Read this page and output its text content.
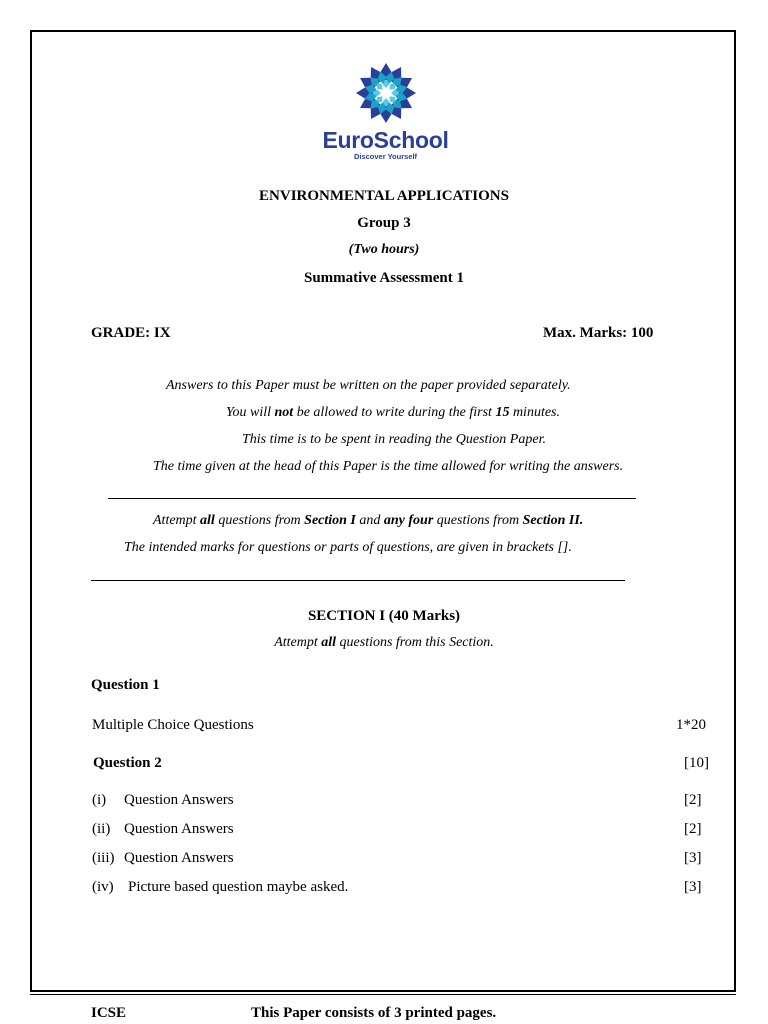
EuroSchool
Discover Yourself
ENVIRONMENTAL APPLICATIONS
Group 3
(Two hours)
Summative Assessment 1
GRADE: IX	Max. Marks: 100
Answers to this Paper must be written on the paper provided separately.
You will not be allowed to write during the first 15 minutes.
This time is to be spent in reading the Question Paper.
The time given at the head of this Paper is the time allowed for writing the answers.
Attempt all questions from Section I and any four questions from Section II.
The intended marks for questions or parts of questions, are given in brackets [].
SECTION I (40 Marks)
Attempt all questions from this Section.
Question 1
Multiple Choice Questions	1*20
Question 2	[10]
(i) Question Answers	[2]
(ii) Question Answers	[2]
(iii) Question Answers	[3]
(iv) Picture based question maybe asked.	[3]
ICSE	This Paper consists of 3 printed pages.
